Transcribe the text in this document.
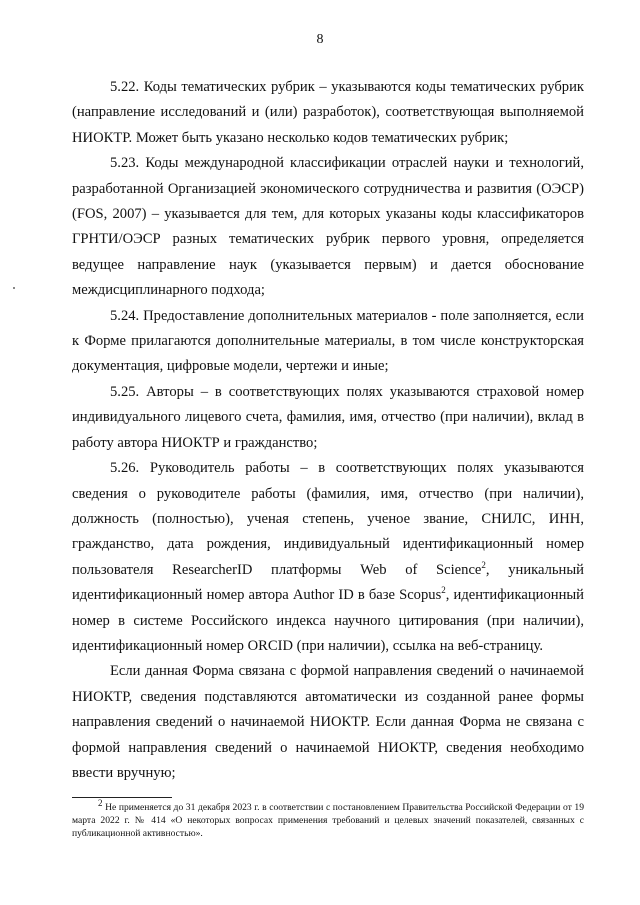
8

5.22. Коды тематических рубрик – указываются коды тематических рубрик (направление исследований и (или) разработок), соответствующая выполняемой НИОКТР. Может быть указано несколько кодов тематических рубрик;

5.23. Коды международной классификации отраслей науки и технологий, разработанной Организацией экономического сотрудничества и развития (ОЭСР) (FOS, 2007) – указывается для тем, для которых указаны коды классификаторов ГРНТИ/ОЭСР разных тематических рубрик первого уровня, определяется ведущее направление наук (указывается первым) и дается обоснование междисциплинарного подхода;

5.24. Предоставление дополнительных материалов - поле заполняется, если к Форме прилагаются дополнительные материалы, в том числе конструкторская документация, цифровые модели, чертежи и иные;

5.25. Авторы – в соответствующих полях указываются страховой номер индивидуального лицевого счета, фамилия, имя, отчество (при наличии), вклад в работу автора НИОКТР и гражданство;

5.26. Руководитель работы – в соответствующих полях указываются сведения о руководителе работы (фамилия, имя, отчество (при наличии), должность (полностью), ученая степень, ученое звание, СНИЛС, ИНН, гражданство, дата рождения, индивидуальный идентификационный номер пользователя ResearcherID платформы Web of Science$^2$, уникальный идентификационный номер автора Author ID в базе Scopus$^2$, идентификационный номер в системе Российского индекса научного цитирования (при наличии), идентификационный номер ORCID (при наличии), ссылка на веб-страницу.

Если данная Форма связана с формой направления сведений о начинаемой НИОКТР, сведения подставляются автоматически из созданной ранее формы направления сведений о начинаемой НИОКТР. Если данная Форма не связана с формой направления сведений о начинаемой НИОКТР, сведения необходимо ввести вручную;

$^2$ Не применяется до 31 декабря 2023 г. в соответствии с постановлением Правительства Российской Федерации от 19 марта 2022 г. № 414 «О некоторых вопросах применения требований и целевых значений показателей, связанных с публикационной активностью».
